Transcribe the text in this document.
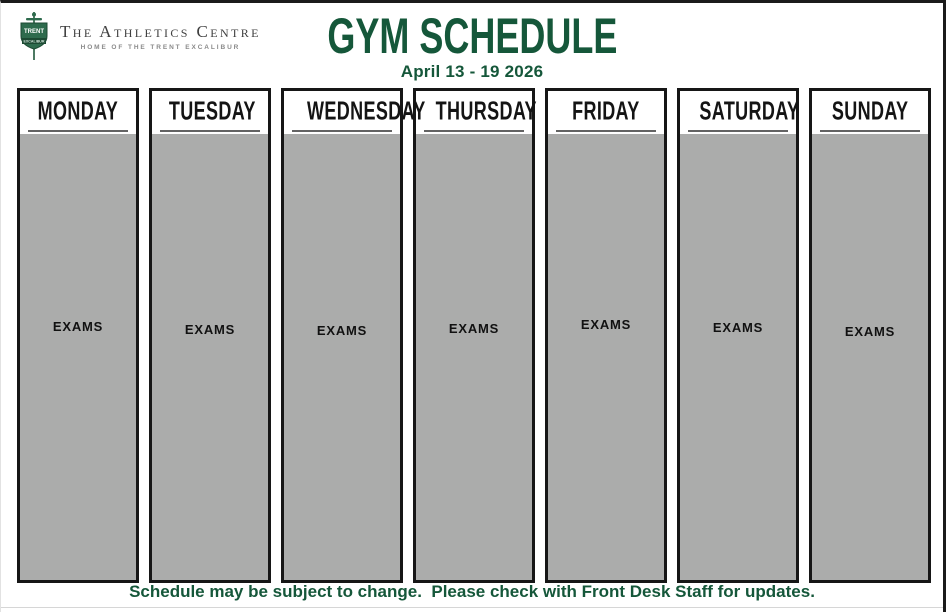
TRENT
EXCALIBUR
The Athletics Centre
HOME OF THE TRENT EXCALIBUR	GYM SCHEDULE
April 13 - 19 2026
MONDAY
EXAMS
TUESDAY
EXAMS
WEDNESDAY
EXAMS
THURSDAY
EXAMS
FRIDAY
EXAMS
SATURDAY
EXAMS
SUNDAY
EXAMS
Schedule may be subject to change.  Please check with Front Desk Staff for updates.
